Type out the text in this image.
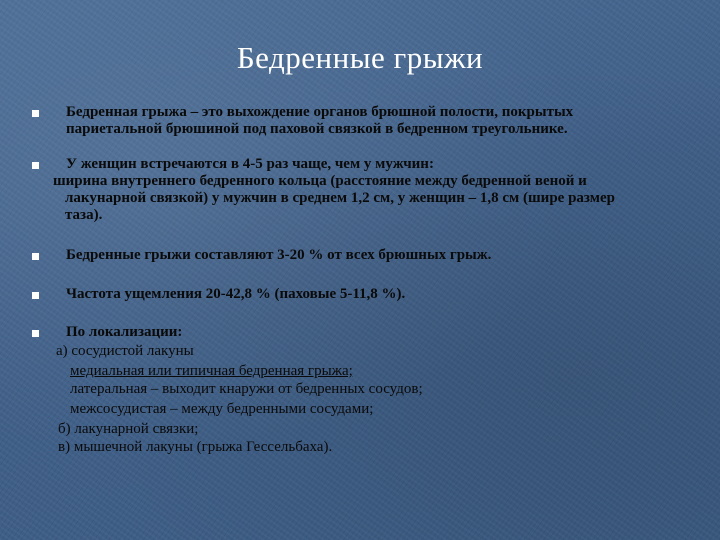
Бедренные грыжи
Бедренная грыжа – это выхождение органов брюшной полости, покрытых
париетальной брюшиной под паховой связкой в бедренном треугольнике.
У женщин встречаются в 4-5 раз чаще, чем у мужчин:
ширина внутреннего бедренного кольца (расстояние между бедренной веной и
лакунарной связкой) у мужчин в среднем 1,2 см, у женщин – 1,8 см (шире размер
таза).
Бедренные грыжи составляют 3-20 % от всех брюшных грыж.
Частота ущемления 20-42,8 % (паховые 5-11,8 %).
По локализации:
а) сосудистой лакуны
медиальная или типичная бедренная грыжа;
латеральная – выходит кнаружи от бедренных сосудов;
межсосудистая – между бедренными сосудами;
б) лакунарной связки;
в) мышечной лакуны (грыжа Гессельбаха).
